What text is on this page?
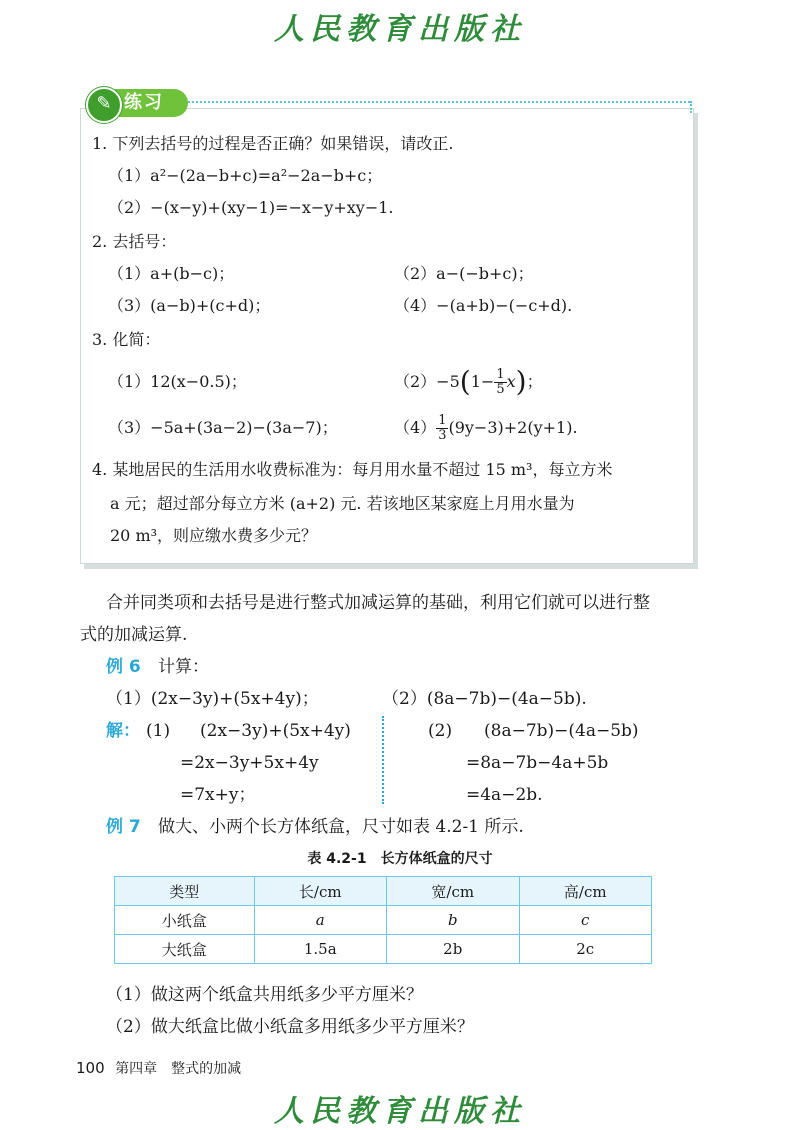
人民教育出版社
✎ 练习
1. 下列去括号的过程是否正确？如果错误，请改正.
（1）a²−(2a−b+c)=a²−2a−b+c；
（2）−(x−y)+(xy−1)=−x−y+xy−1.
2. 去括号：
（1）a+(b−c)；	（2）a−(−b+c)；
（3）(a−b)+(c+d)；	（4）−(a+b)−(−c+d).
3. 化简：
（1）12(x−0.5)；	（2）−5 ( $1- \frac{1}{5}$ x ) ；
（3）−5a+(3a−2)−(3a−7)；	$(4) \frac{1}{3} (9y-3)+2(y+1)$.
4. 某地居民的生活用水收费标准为：每月用水量不超过 15 m³，每立方米
a 元；超过部分每立方米 (a+2) 元. 若该地区某家庭上月用水量为
20 m³，则应缴水费多少元？
合并同类项和去括号是进行整式加减运算的基础，利用它们就可以进行整
式的加减运算.
例 6 计算：
（1）(2x−3y)+(5x+4y)；	（2）(8a−7b)−(4a−5b).
解： (1) (2x−3y)+(5x+4y)
=2x−3y+5x+4y
=7x+y；
(2) (8a−7b)−(4a−5b)
=8a−7b−4a+5b
=4a−2b.
例 7 做大、小两个长方体纸盒，尺寸如表 4.2-1 所示.
表 4.2-1　长方体纸盒的尺寸
类型	长/cm	宽/cm	高/cm
小纸盒	a	b	c
大纸盒	1.5a	2b	2c
（1）做这两个纸盒共用纸多少平方厘米？
（2）做大纸盒比做小纸盒多用纸多少平方厘米？
100 第四章　整式的加减
人民教育出版社
